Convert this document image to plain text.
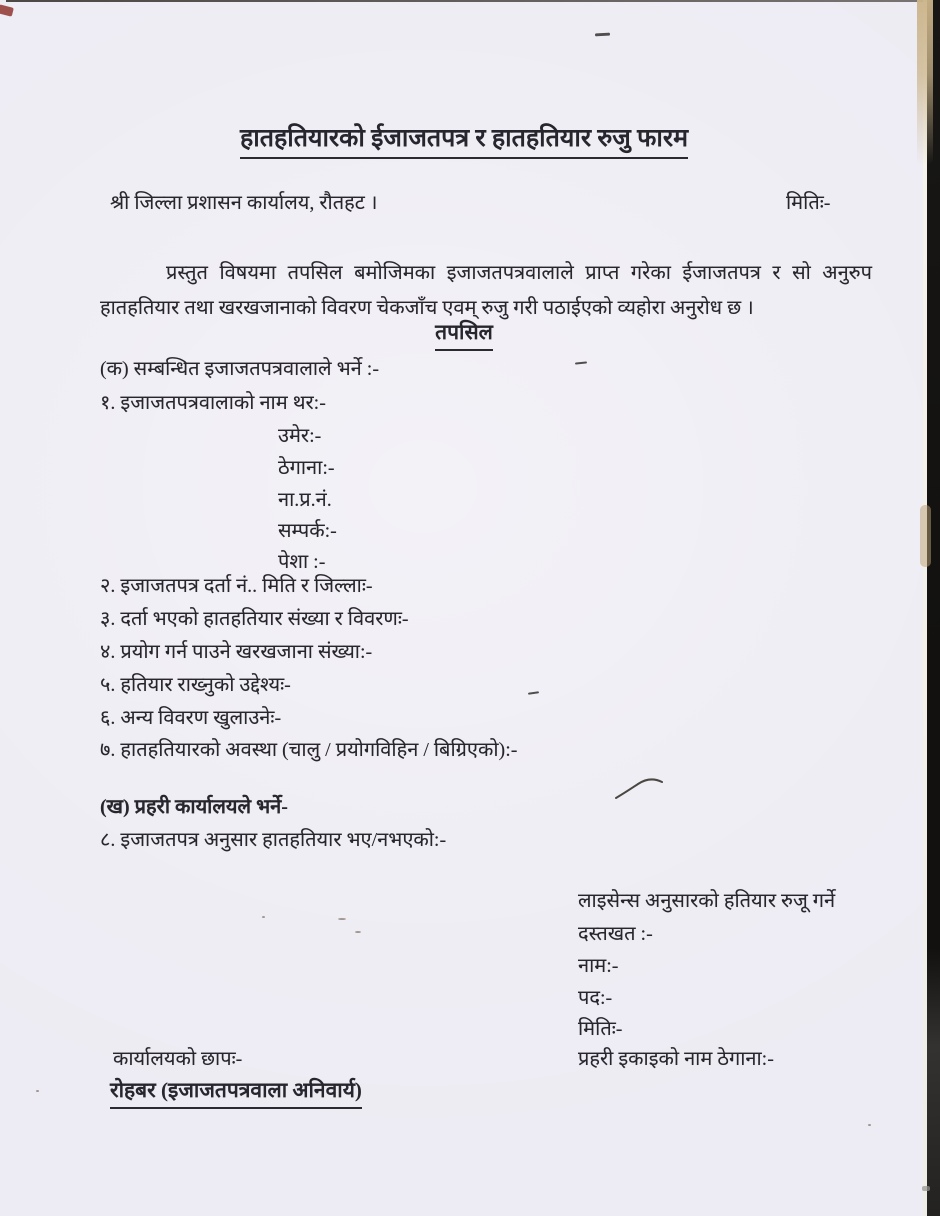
हातहतियारको ईजाजतपत्र र हातहतियार रुजु फारम
श्री जिल्ला प्रशासन कार्यालय, रौतहट ।	मितिः-
प्रस्तुत विषयमा तपसिल बमोजिमका इजाजतपत्रवालाले प्राप्त गरेका ईजाजतपत्र र सो अनुरुप हातहतियार तथा खरखजानाको विवरण चेकजाँच एवम् रुजु गरी पठाईएको व्यहोरा अनुरोध छ ।
तपसिल
(क) सम्बन्धित इजाजतपत्रवालाले भर्ने :-
१. इजाजतपत्रवालाको नाम थर:-
उमेर:-
ठेगाना:-
ना.प्र.नं.
सम्पर्क:-
पेशा :-
२. इजाजतपत्र दर्ता नं.. मिति र जिल्लाः-
३. दर्ता भएको हातहतियार संख्या र विवरणः-
४. प्रयोग गर्न पाउने खरखजाना संख्या:-
५. हतियार राख्नुको उद्देश्यः-
६. अन्य विवरण खुलाउनेः-
७. हातहतियारको अवस्था (चालु / प्रयोगविहिन / बिग्रिएको):-
(ख) प्रहरी कार्यालयले भर्ने-
८. इजाजतपत्र अनुसार हातहतियार भए/नभएको:-
लाइसेन्स अनुसारको हतियार रुजू गर्ने
दस्तखत :-
नाम:-
पद:-
मितिः-
प्रहरी इकाइको नाम ठेगाना:-
कार्यालयको छापः-
रोहबर (इजाजतपत्रवाला अनिवार्य)
